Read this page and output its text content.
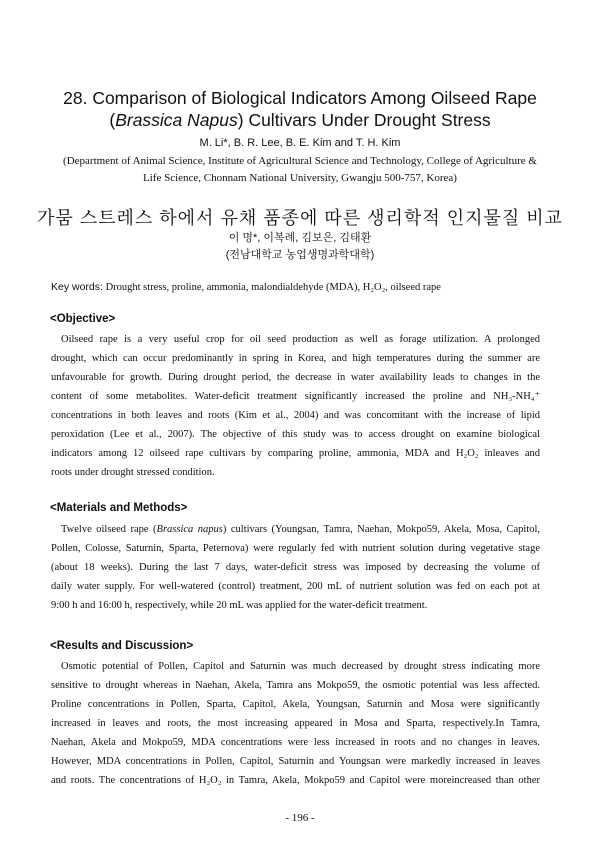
28. Comparison of Biological Indicators Among Oilseed Rape
(Brassica Napus) Cultivars Under Drought Stress
M. Li*, B. R. Lee, B. E. Kim and T. H. Kim
(Department of Animal Science, Institute of Agricultural Science and Technology, College of Agriculture &
Life Science, Chonnam National University, Gwangju 500-757, Korea)
가뭄 스트레스 하에서 유채 품종에 따른 생리학적 인지물질 비교
이 명*, 이복례, 김보은, 김태환
(전남대학교 농업생명과학대학)
Key words: Drought stress, proline, ammonia, malondialdehyde (MDA), H₂O₂, oilseed rape
<Objective>
Oilseed rape is a very useful crop for oil seed production as well as forage utilization. A prolonged
drought, which can occur predominantly in spring in Korea, and high temperatures during the summer are
unfavourable for growth. During drought period, the decrease in water availability leads to changes in the
content of some metabolites. Water-deficit treatment significantly increased the proline and NH₃-NH₄⁺
concentrations in both leaves and roots (Kim et al., 2004) and was concomitant with the increase of lipid
peroxidation (Lee et al., 2007). The objective of this study was to access drought on examine biological
indicators among 12 oilseed rape cultivars by comparing proline, ammonia, MDA and H₂O₂ inleaves and
roots under drought stressed condition.
<Materials and Methods>
Twelve oilseed rape (Brassica napus) cultivars (Youngsan, Tamra, Naehan, Mokpo59, Akela, Mosa, Capitol,
Pollen, Colosse, Saturnin, Sparta, Peternova) were regularly fed with nutrient solution during vegetative stage
(about 18 weeks). During the last 7 days, water-deficit stress was imposed by decreasing the volume of
daily water supply. For well-watered (control) treatment, 200 mL of nutrient solution was fed on each pot at
9:00 h and 16:00 h, respectively, while 20 mL was applied for the water-deficit treatment.
<Results and Discussion>
Osmotic potential of Pollen, Capitol and Saturnin was much decreased by drought stress indicating more
sensitive to drought whereas in Naehan, Akela, Tamra ans Mokpo59, the osmotic potential was less affected.
Proline concentrations in Pollen, Sparta, Capitol, Akela, Youngsan, Saturnin and Mosa were significantly
increased in leaves and roots, the most increasing appeared in Mosa and Sparta, respectively.In Tamra,
Naehan, Akela and Mokpo59, MDA concentrations were less increased in roots and no changes in leaves.
However, MDA concentrations in Pollen, Capitol, Saturnin and Youngsan were markedly increased in leaves
and roots. The concentrations of H₂O₂ in Tamra, Akela, Mokpo59 and Capitol were moreincreased than other
- 196 -
